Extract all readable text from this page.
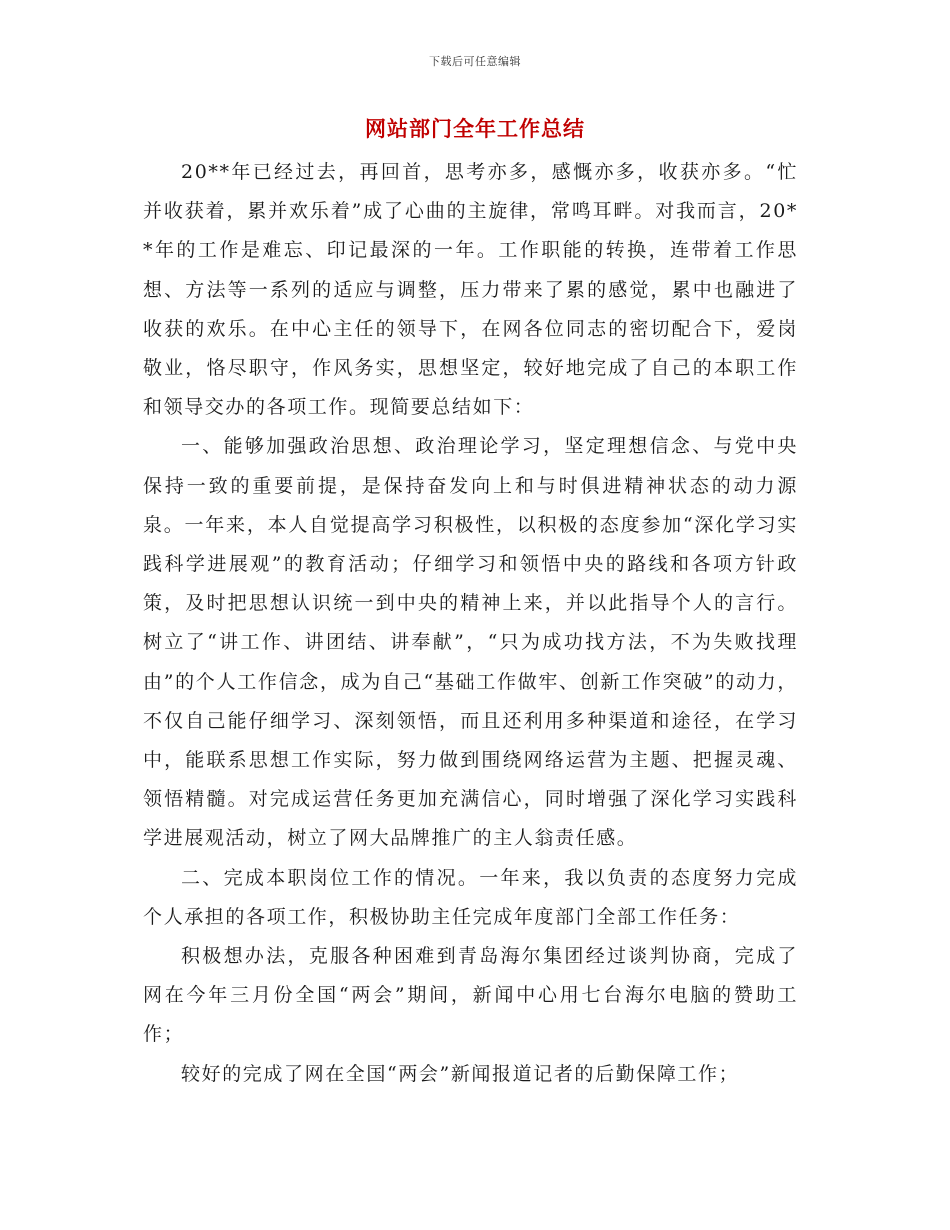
下载后可任意编辑
网站部门全年工作总结

20**年已经过去，再回首，思考亦多，感慨亦多，收获亦多。“忙并收获着，累并欢乐着”成了心曲的主旋律，常鸣耳畔。对我而言，20**年的工作是难忘、印记最深的一年。工作职能的转换，连带着工作思想、方法等一系列的适应与调整，压力带来了累的感觉，累中也融进了收获的欢乐。在中心主任的领导下，在网各位同志的密切配合下，爱岗敬业，恪尽职守，作风务实，思想坚定，较好地完成了自己的本职工作和领导交办的各项工作。现简要总结如下：

一、能够加强政治思想、政治理论学习，坚定理想信念、与党中央保持一致的重要前提，是保持奋发向上和与时俱进精神状态的动力源泉。一年来，本人自觉提高学习积极性，以积极的态度参加“深化学习实践科学进展观”的教育活动；仔细学习和领悟中央的路线和各项方针政策，及时把思想认识统一到中央的精神上来，并以此指导个人的言行。树立了“讲工作、讲团结、讲奉献”，“只为成功找方法，不为失败找理由”的个人工作信念，成为自己“基础工作做牢、创新工作突破”的动力，不仅自己能仔细学习、深刻领悟，而且还利用多种渠道和途径，在学习中，能联系思想工作实际，努力做到围绕网络运营为主题、把握灵魂、领悟精髓。对完成运营任务更加充满信心，同时增强了深化学习实践科学进展观活动，树立了网大品牌推广的主人翁责任感。

二、完成本职岗位工作的情况。一年来，我以负责的态度努力完成个人承担的各项工作，积极协助主任完成年度部门全部工作任务：

积极想办法，克服各种困难到青岛海尔集团经过谈判协商，完成了网在今年三月份全国“两会”期间，新闻中心用七台海尔电脑的赞助工作；

较好的完成了网在全国“两会”新闻报道记者的后勤保障工作；
